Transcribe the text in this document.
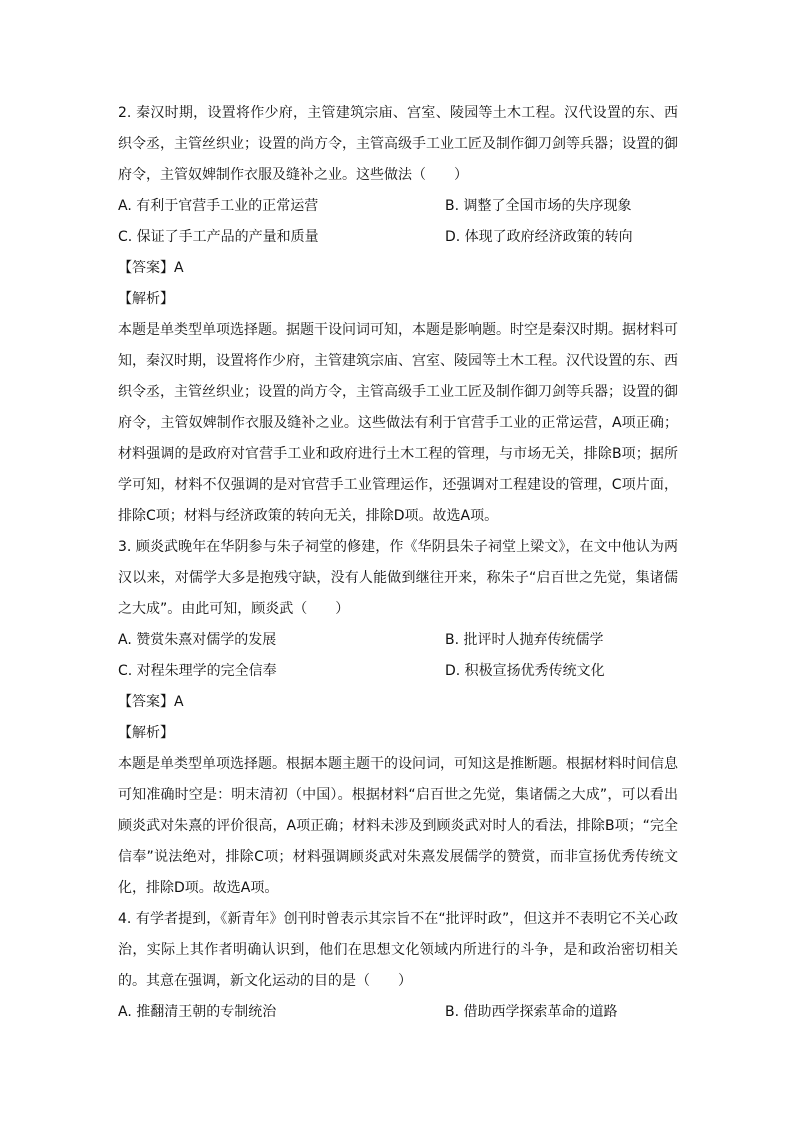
2. 秦汉时期，设置将作少府，主管建筑宗庙、宫室、陵园等土木工程。汉代设置的东、西织令丞，主管丝织业；设置的尚方令，主管高级手工业工匠及制作御刀剑等兵器；设置的御府令，主管奴婢制作衣服及缝补之业。这些做法（　　）

A. 有利于官营手工业的正常运营	B. 调整了全国市场的失序现象
C. 保证了手工产品的产量和质量	D. 体现了政府经济政策的转向

【答案】A

【解析】

本题是单类型单项选择题。据题干设问词可知，本题是影响题。时空是秦汉时期。据材料可知，秦汉时期，设置将作少府，主管建筑宗庙、宫室、陵园等土木工程。汉代设置的东、西织令丞，主管丝织业；设置的尚方令，主管高级手工业工匠及制作御刀剑等兵器；设置的御府令，主管奴婢制作衣服及缝补之业。这些做法有利于官营手工业的正常运营，A项正确；材料强调的是政府对官营手工业和政府进行土木工程的管理，与市场无关，排除B项；据所学可知，材料不仅强调的是对官营手工业管理运作，还强调对工程建设的管理，C项片面，排除C项；材料与经济政策的转向无关，排除D项。故选A项。

3. 顾炎武晚年在华阴参与朱子祠堂的修建，作《华阴县朱子祠堂上梁文》，在文中他认为两汉以来，对儒学大多是抱残守缺，没有人能做到继往开来，称朱子“启百世之先觉，集诸儒之大成”。由此可知，顾炎武（　　）

A. 赞赏朱熹对儒学的发展	B. 批评时人抛弃传统儒学
C. 对程朱理学的完全信奉	D. 积极宣扬优秀传统文化

【答案】A

【解析】

本题是单类型单项选择题。根据本题主题干的设问词，可知这是推断题。根据材料时间信息可知准确时空是：明末清初（中国）。根据材料“启百世之先觉，集诸儒之大成”，可以看出顾炎武对朱熹的评价很高，A项正确；材料未涉及到顾炎武对时人的看法，排除B项；“完全信奉”说法绝对，排除C项；材料强调顾炎武对朱熹发展儒学的赞赏，而非宣扬优秀传统文化，排除D项。故选A项。

4. 有学者提到，《新青年》创刊时曾表示其宗旨不在“批评时政”，但这并不表明它不关心政治，实际上其作者明确认识到，他们在思想文化领域内所进行的斗争，是和政治密切相关的。其意在强调，新文化运动的目的是（　　）

A. 推翻清王朝的专制统治	B. 借助西学探索革命的道路
